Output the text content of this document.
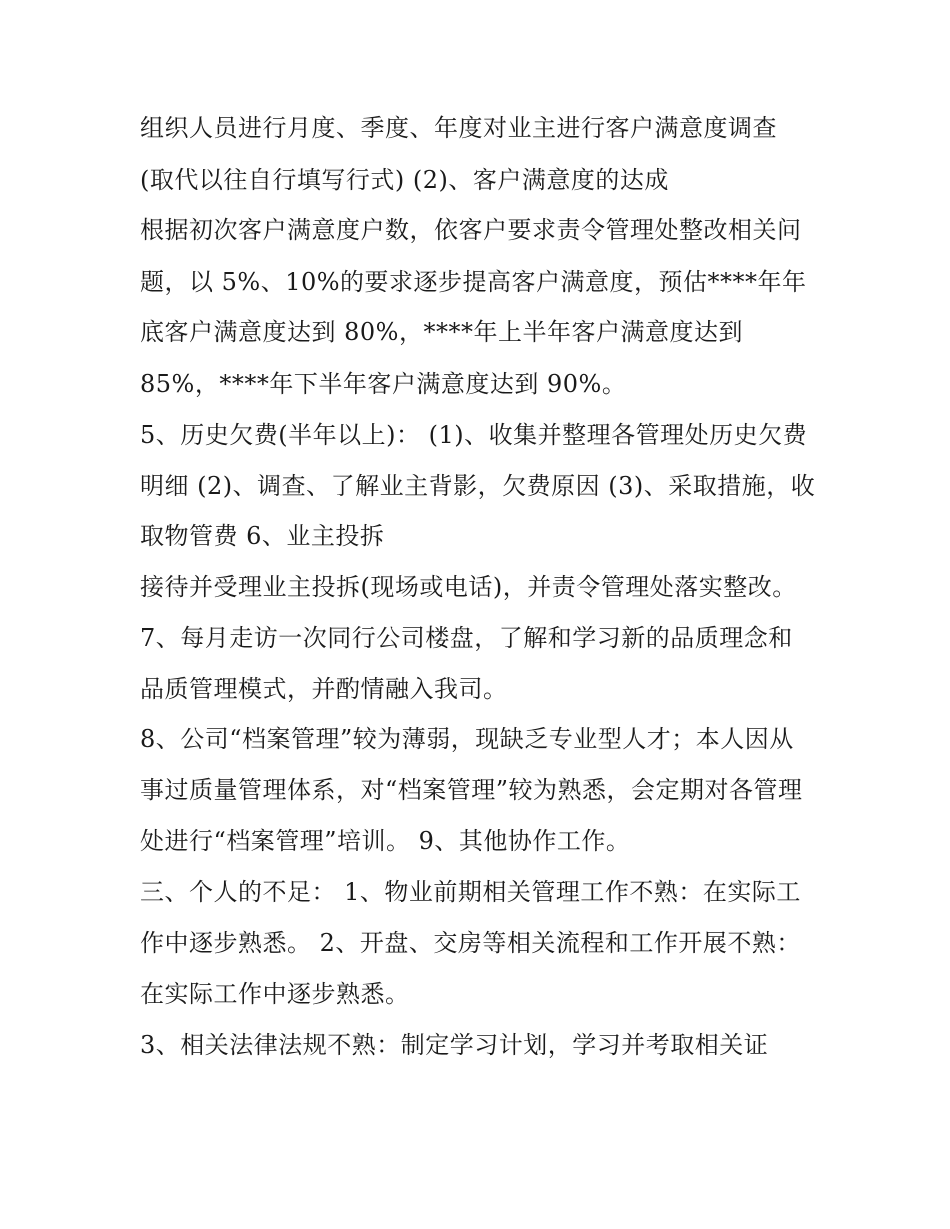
组织人员进行月度、季度、年度对业主进行客户满意度调查
(取代以往自行填写行式) (2)、客户满意度的达成
根据初次客户满意度户数，依客户要求责令管理处整改相关问
题，以 5%、10%的要求逐步提高客户满意度，预估****年年
底客户满意度达到 80%，****年上半年客户满意度达到
85%，****年下半年客户满意度达到 90%。
5、历史欠费(半年以上)： (1)、收集并整理各管理处历史欠费
明细 (2)、调查、了解业主背影，欠费原因 (3)、采取措施，收
取物管费 6、业主投拆
接待并受理业主投拆(现场或电话)，并责令管理处落实整改。
7、每月走访一次同行公司楼盘，了解和学习新的品质理念和
品质管理模式，并酌情融入我司。
8、公司“档案管理”较为薄弱，现缺乏专业型人才；本人因从
事过质量管理体系，对“档案管理”较为熟悉，会定期对各管理
处进行“档案管理”培训。 9、其他协作工作。
三、个人的不足： 1、物业前期相关管理工作不熟：在实际工
作中逐步熟悉。 2、开盘、交房等相关流程和工作开展不熟：
在实际工作中逐步熟悉。
3、相关法律法规不熟：制定学习计划，学习并考取相关证
